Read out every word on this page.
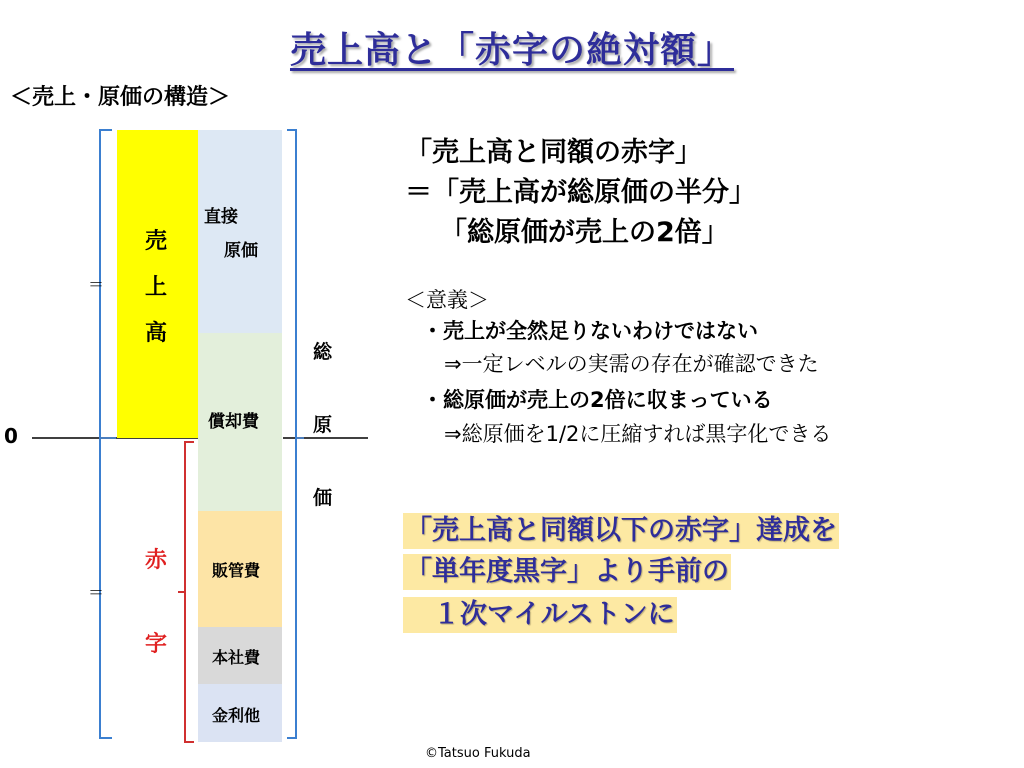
売上高と「赤字の絶対額」
＜売上・原価の構造＞
0
＝
＝
売
上
高
赤
字
直接
原価
償却費
販管費
本社費
金利他
総
原
価
「売上高と同額の赤字」
＝「売上高が総原価の半分」
「総原価が売上の2倍」
＜意義＞
・売上が全然足りないわけではない
⇒一定レベルの実需の存在が確認できた
・総原価が売上の2倍に収まっている
⇒総原価を1/2に圧縮すれば黒字化できる
「売上高と同額以下の赤字」達成を
「単年度黒字」より手前の
１次マイルストンに
©Tatsuo Fukuda
